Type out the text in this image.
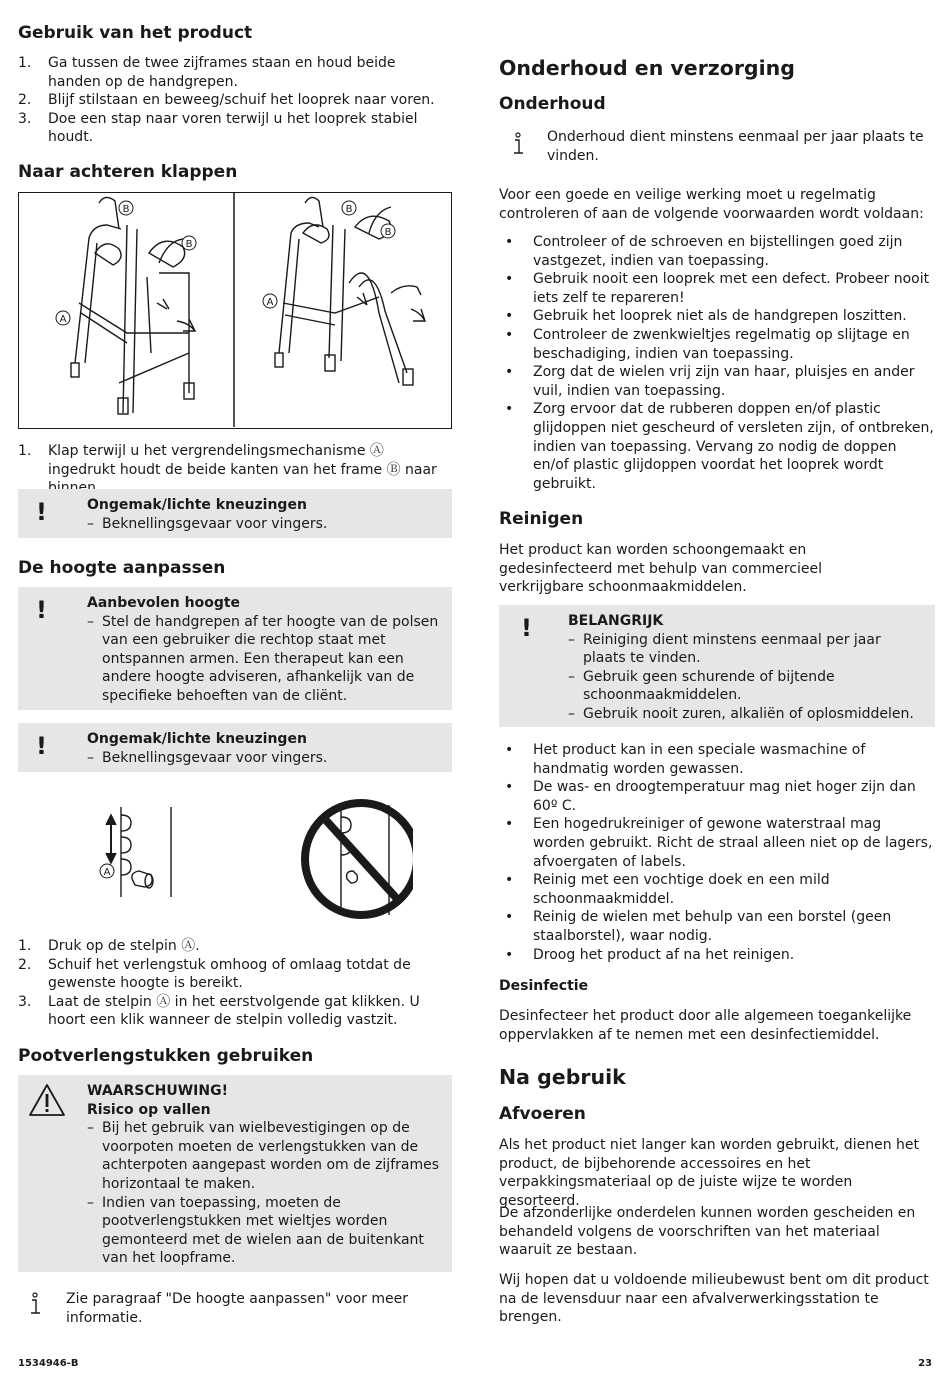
Gebruik van het product
1. Ga tussen de twee zijframes staan en houd beide handen op de handgrepen.
2. Blijf stilstaan en beweeg/schuif het looprek naar voren.
3. Doe een stap naar voren terwijl u het looprek stabiel houdt.
Naar achteren klappen
B
B
A
B
B
A
1. Klap terwijl u het vergrendelingsmechanisme Ⓐ ingedrukt houdt de beide kanten van het frame Ⓑ naar
!	Ongemak/lichte kneuzingen
– Beknellingsgevaar voor vingers.
De hoogte aanpassen
!	Aanbevolen hoogte
– Stel de handgrepen af ter hoogte van de polsen van een gebruiker die rechtop staat met ontspannen armen. Een therapeut kan een andere hoogte adviseren, afhankelijk van de specifieke behoeften van de cliënt.
!	Ongemak/lichte kneuzingen
– Beknellingsgevaar voor vingers.
A
1. Druk op de stelpin Ⓐ.
2. Schuif het verlengstuk omhoog of omlaag totdat de gewenste hoogte is bereikt.
3. Laat de stelpin Ⓐ in het eerstvolgende gat klikken. U hoort een klik wanneer de stelpin volledig vastzit.
Pootverlengstukken gebruiken
WAARSCHUWING!
Risico op vallen
– Bij het gebruik van wielbevestigingen op de voorpoten moeten de verlengstukken van de achterpoten aangepast worden om de zijframes horizontaal te maken.
– Indien van toepassing, moeten de pootverlengstukken met wieltjes worden gemonteerd met de wielen aan de buitenkant van het loopframe.

Zie paragraaf "De hoogte aanpassen" voor meer informatie.

Onderhoud en verzorging
Onderhoud

Onderhoud dient minstens eenmaal per jaar plaats te vinden.

Voor een goede en veilige werking moet u regelmatig controleren of aan de volgende voorwaarden wordt voldaan:

• Controleer of de schroeven en bijstellingen goed zijn vastgezet, indien van toepassing.
• Gebruik nooit een looprek met een defect. Probeer nooit iets zelf te repareren!
• Gebruik het looprek niet als de handgrepen loszitten.
• Controleer de zwenkwieltjes regelmatig op slijtage en beschadiging, indien van toepassing.
• Zorg dat de wielen vrij zijn van haar, pluisjes en ander vuil, indien van toepassing.
• Zorg ervoor dat de rubberen doppen en/of plastic glijdoppen niet gescheurd of versleten zijn, of ontbreken, indien van toepassing. Vervang zo nodig de doppen en/of plastic glijdoppen voordat het looprek wordt gebruikt.
Reinigen

Het product kan worden schoongemaakt en gedesinfecteerd met behulp van commercieel verkrijgbare schoonmaakmiddelen.

!	BELANGRIJK
– Reiniging dient minstens eenmaal per jaar plaats te vinden.
– Gebruik geen schurende of bijtende schoonmaakmiddelen.
– Gebruik nooit zuren, alkaliën of oplosmiddelen.
• Het product kan in een speciale wasmachine of handmatig worden gewassen.
• De was- en droogtemperatuur mag niet hoger zijn dan 60º C.
• Een hogedrukreiniger of gewone waterstraal mag worden gebruikt. Richt de straal alleen niet op de lagers, afvoergaten of labels.
• Reinig met een vochtige doek en een mild schoonmaakmiddel.
• Reinig de wielen met behulp van een borstel (geen staalborstel), waar nodig.
• Droog het product af na het reinigen.
Desinfectie

Desinfecteer het product door alle algemeen toegankelijke oppervlakken af te nemen met een desinfectiemiddel.

Na gebruik
Afvoeren

Als het product niet langer kan worden gebruikt, dienen het product, de bijbehorende accessoires en het verpakkingsmateriaal op de juiste wijze te worden gesorteerd.

De afzonderlijke onderdelen kunnen worden gescheiden en behandeld volgens de voorschriften van het materiaal waaruit ze bestaan.

Wij hopen dat u voldoende milieubewust bent om dit product na de levensduur naar een afvalverwerkingsstation te brengen.

1534946-B	23
